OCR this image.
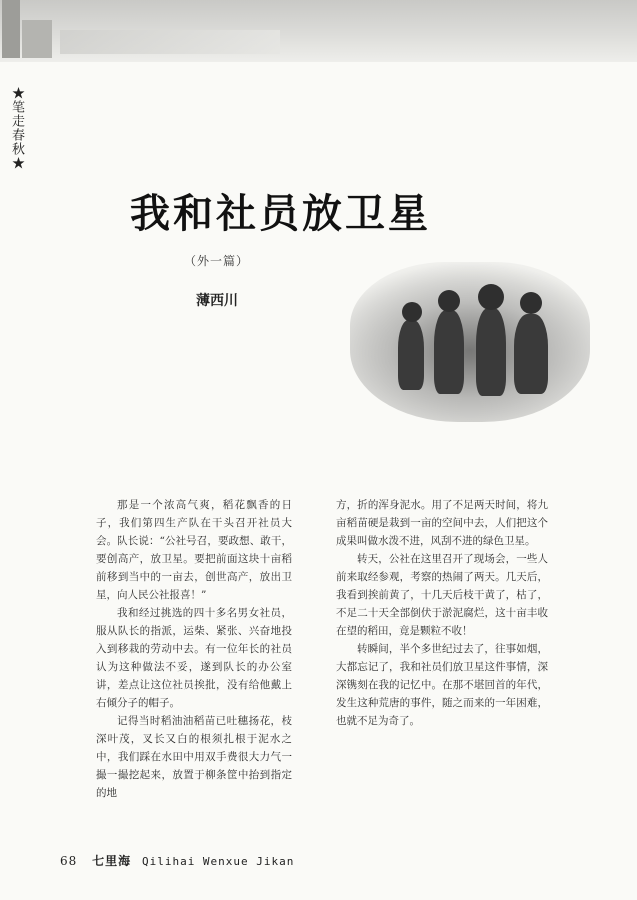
★笔走春秋★
我和社员放卫星
（外一篇）
薄西川

那是一个浓高气爽，稻花飘香的日子，我们第四生产队在干头召开社员大会。队长说：“公社号召，要政想、敢干，要创高产，放卫星。要把前面这块十亩稻前移到当中的一亩去，创世高产，放出卫星，向人民公社报喜！”

我和经过挑选的四十多名男女社员，服从队长的指派，运柴、紧张、兴奋地投入到移栽的劳动中去。有一位年长的社员认为这种做法不妥，遂到队长的办公室讲，差点让这位社员挨批，没有给他戴上右倾分子的帽子。

记得当时稻油油稻苗已吐穗扬花，枝深叶茂，叉长又白的根须扎根于泥水之中，我们踩在水田中用双手费很大力气一撮一撮挖起来，放置于柳条筐中抬到指定的地

方，折的浑身泥水。用了不足两天时间，将九亩稻苗硬是栽到一亩的空间中去，人们把这个成果叫做水泼不进，风刮不进的绿色卫星。

转天，公社在这里召开了现场会，一些人前来取经参观，考察的热闹了两天。几天后，我看到挨前黄了，十几天后枝干黄了，枯了，不足二十天全部倒伏于淤泥腐烂，这十亩丰收在望的稻田，竟是颗粒不收！

转瞬间，半个多世纪过去了，往事如烟，大都忘记了，我和社员们放卫星这件事情，深深镌刻在我的记忆中。在那不堪回首的年代，发生这种荒唐的事件，随之而来的一年困难，也就不足为奇了。

68 七里海 Qilihai Wenxue Jikan
